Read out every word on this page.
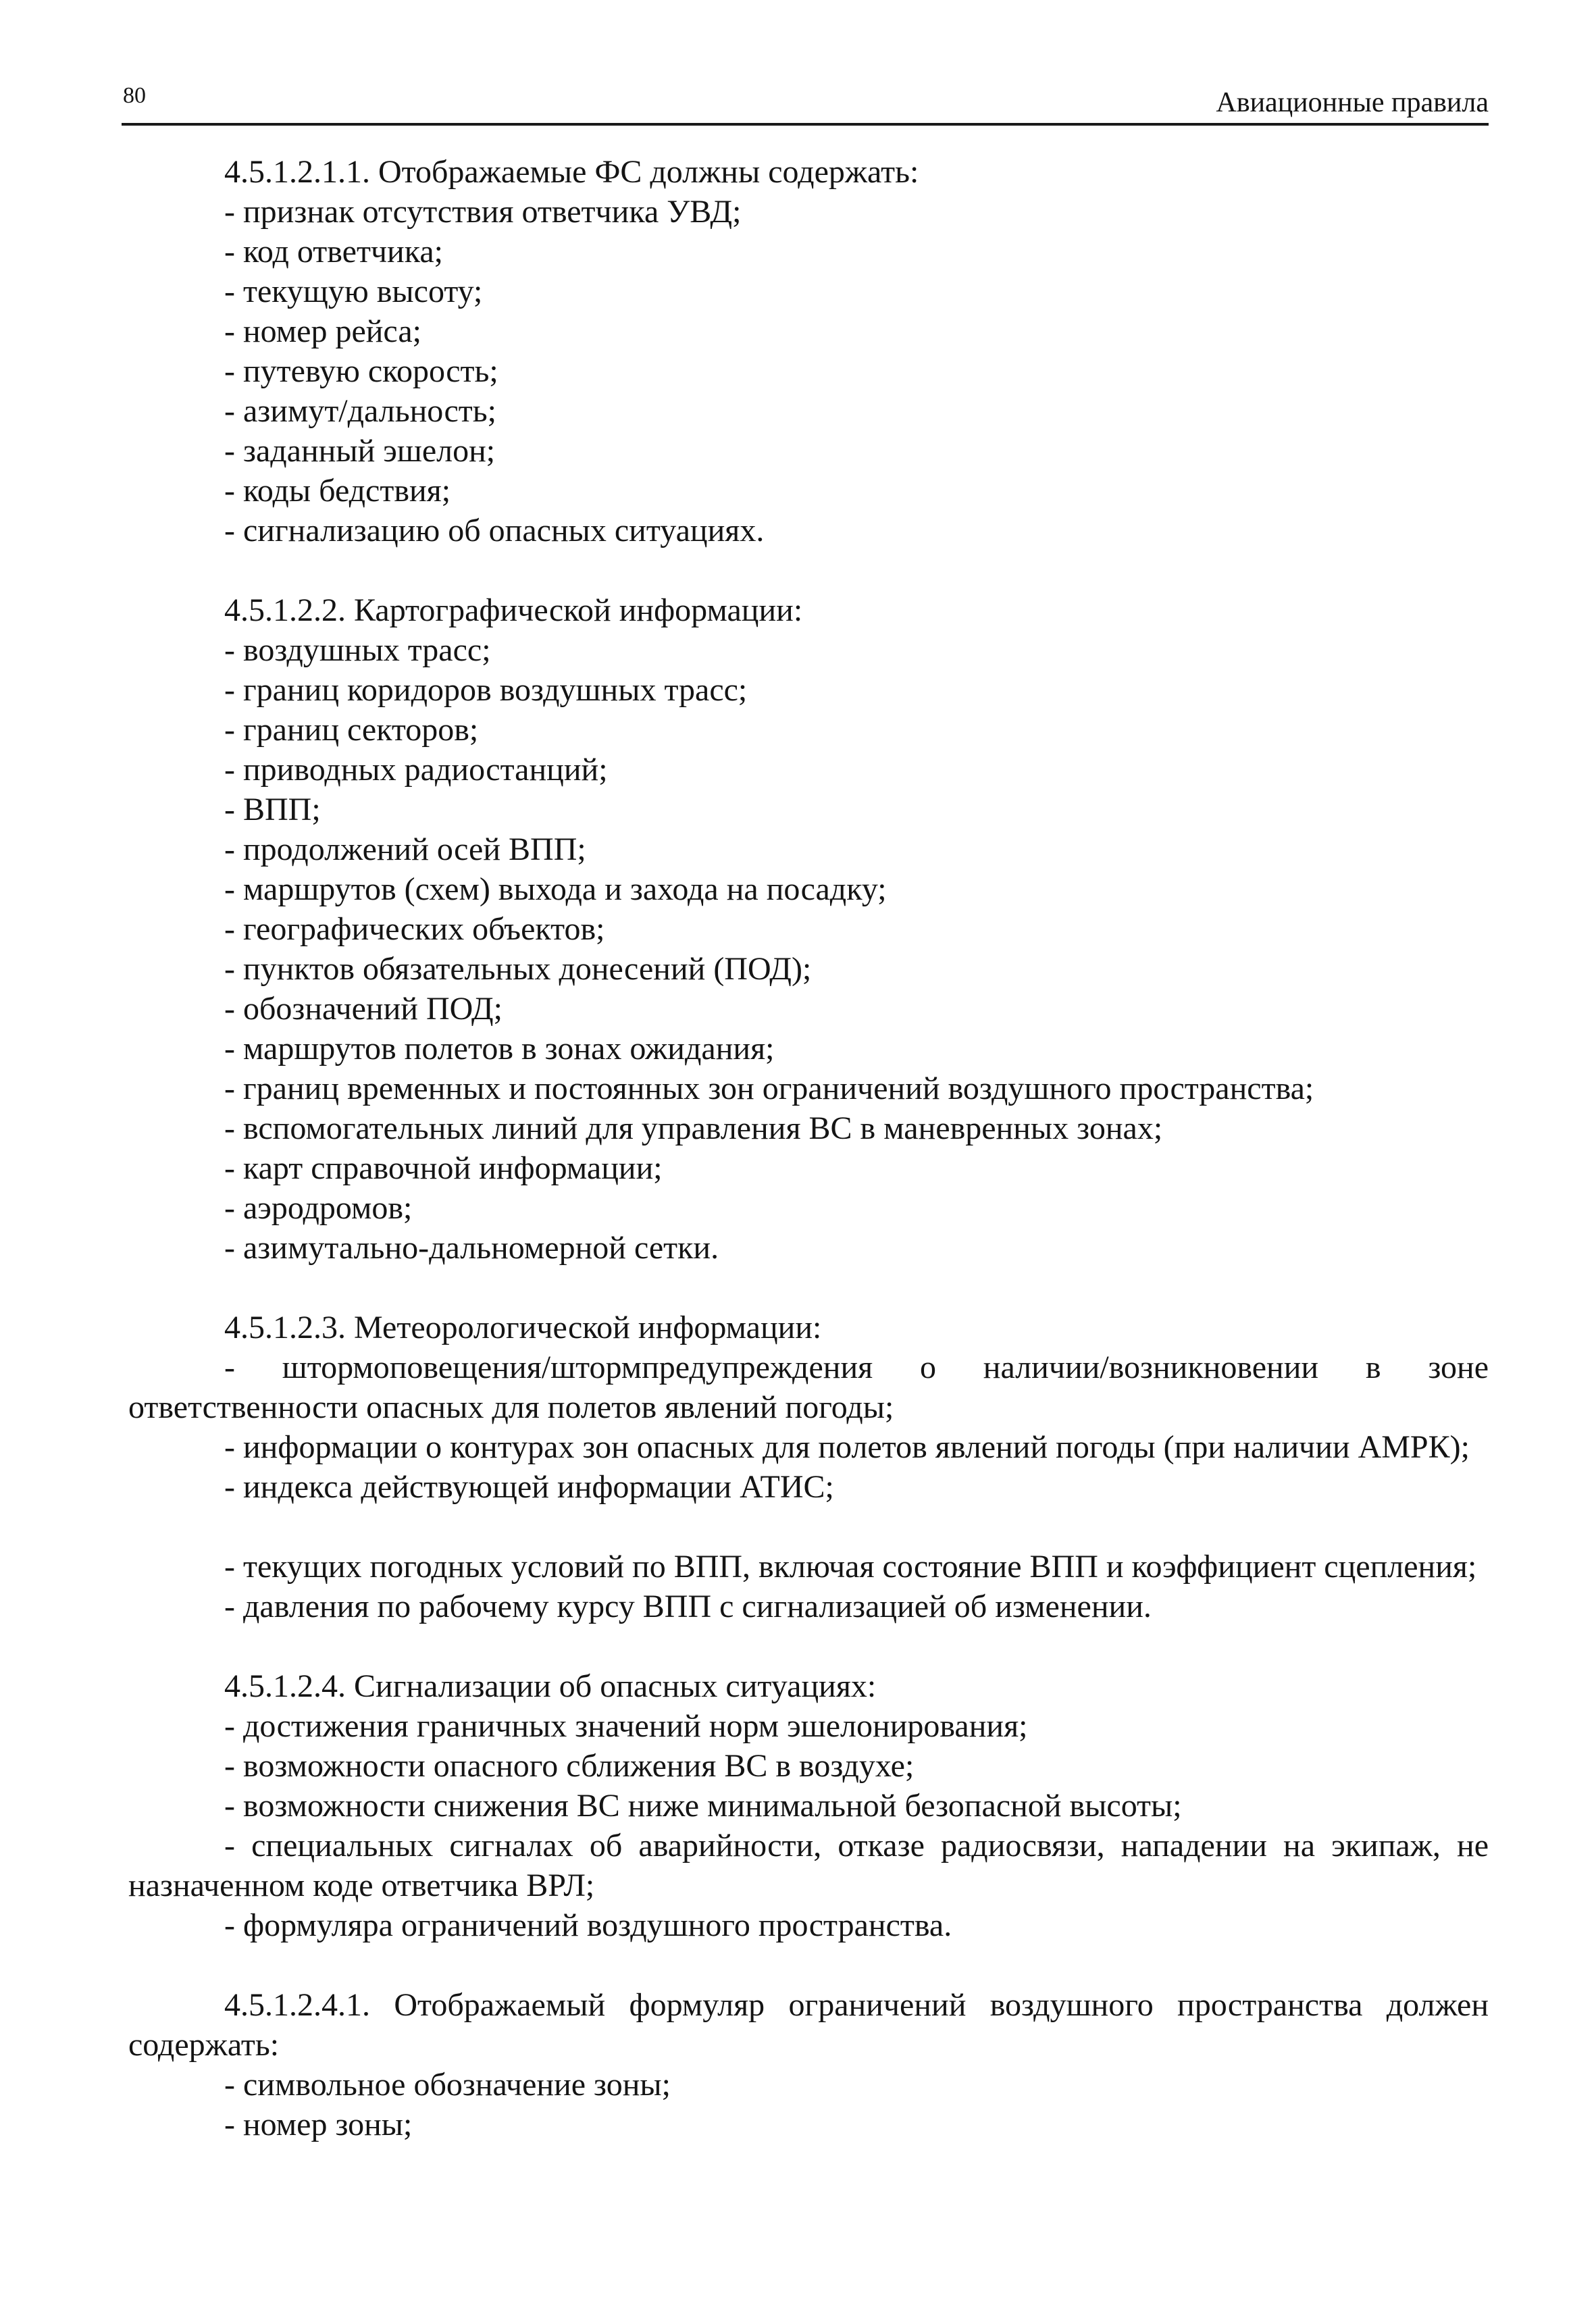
80	Авиационные правила

4.5.1.2.1.1. Отображаемые ФС должны содержать:

- признак отсутствия ответчика УВД;

- код ответчика;

- текущую высоту;

- номер рейса;

- путевую скорость;

- азимут/дальность;

- заданный эшелон;

- коды бедствия;

- сигнализацию об опасных ситуациях.

4.5.1.2.2. Картографической информации:

- воздушных трасс;

- границ коридоров воздушных трасс;

- границ секторов;

- приводных радиостанций;

- ВПП;

- продолжений осей ВПП;

- маршрутов (схем) выхода и захода на посадку;

- географических объектов;

- пунктов обязательных донесений (ПОД);

- обозначений ПОД;

- маршрутов полетов в зонах ожидания;

- границ временных и постоянных зон ограничений воздушного пространства;

- вспомогательных линий для управления ВС в маневренных зонах;

- карт справочной информации;

- аэродромов;

- азимутально-дальномерной сетки.

4.5.1.2.3. Метеорологической информации:

- штормоповещения/штормпредупреждения о наличии/возникновении в зоне ответственности опасных для полетов явлений погоды;

- информации о контурах зон опасных для полетов явлений погоды (при наличии АМРК);

- индекса действующей информации АТИС;

- текущих погодных условий по ВПП, включая состояние ВПП и коэффициент сцепления;

- давления по рабочему курсу ВПП с сигнализацией об изменении.

4.5.1.2.4. Сигнализации об опасных ситуациях:

- достижения граничных значений норм эшелонирования;

- возможности опасного сближения ВС в воздухе;

- возможности снижения ВС ниже минимальной безопасной высоты;

- специальных сигналах об аварийности, отказе радиосвязи, нападении на экипаж, не назначенном коде ответчика ВРЛ;

- формуляра ограничений воздушного пространства.

4.5.1.2.4.1. Отображаемый формуляр ограничений воздушного пространства должен содержать:

- символьное обозначение зоны;

- номер зоны;
